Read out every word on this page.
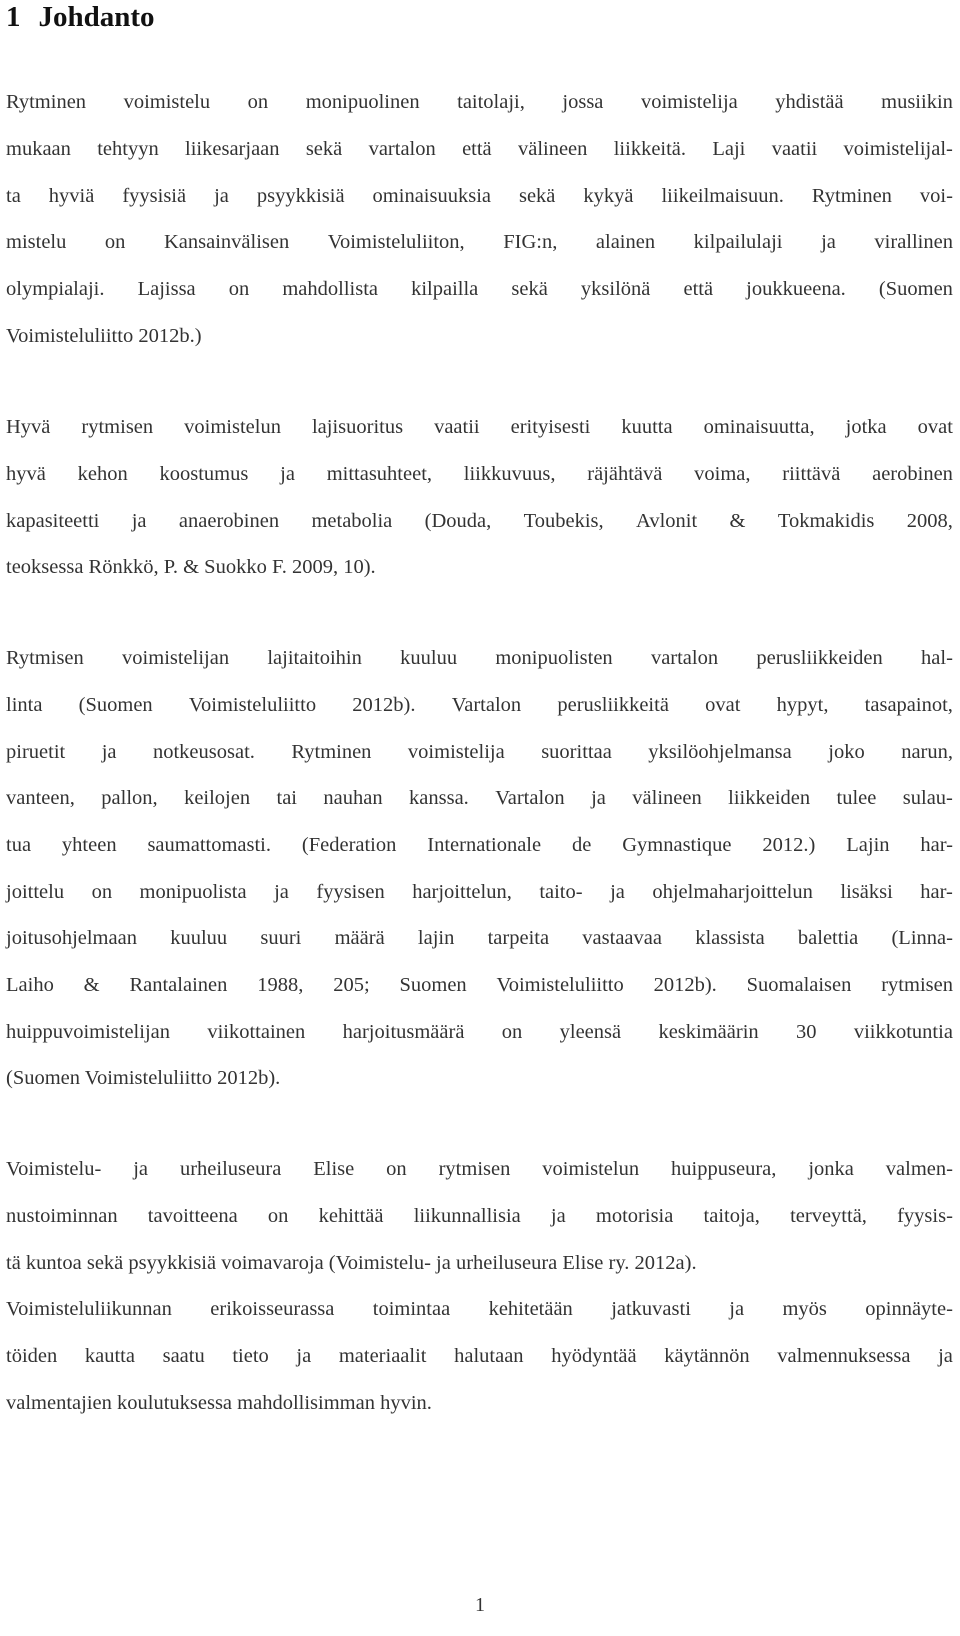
1 Johdanto
Rytminen voimistelu on monipuolinen taitolaji, jossa voimistelija yhdistää musiikin
mukaan tehtyyn liikesarjaan sekä vartalon että välineen liikkeitä. Laji vaatii voimistelijal-
ta hyviä fyysisiä ja psyykkisiä ominaisuuksia sekä kykyä liikeilmaisuun. Rytminen voi-
mistelu on Kansainvälisen Voimisteluliiton, FIG:n, alainen kilpailulaji ja virallinen
olympialaji. Lajissa on mahdollista kilpailla sekä yksilönä että joukkueena. (Suomen
Voimisteluliitto 2012b.)
Hyvä rytmisen voimistelun lajisuoritus vaatii erityisesti kuutta ominaisuutta, jotka ovat
hyvä kehon koostumus ja mittasuhteet, liikkuvuus, räjähtävä voima, riittävä aerobinen
kapasiteetti ja anaerobinen metabolia (Douda, Toubekis, Avlonit & Tokmakidis 2008,
teoksessa Rönkkö, P. & Suokko F. 2009, 10).
Rytmisen voimistelijan lajitaitoihin kuuluu monipuolisten vartalon perusliikkeiden hal-
linta (Suomen Voimisteluliitto 2012b). Vartalon perusliikkeitä ovat hypyt, tasapainot,
piruetit ja notkeusosat. Rytminen voimistelija suorittaa yksilöohjelmansa joko narun,
vanteen, pallon, keilojen tai nauhan kanssa. Vartalon ja välineen liikkeiden tulee sulau-
tua yhteen saumattomasti. (Federation Internationale de Gymnastique 2012.) Lajin har-
joittelu on monipuolista ja fyysisen harjoittelun, taito- ja ohjelmaharjoittelun lisäksi har-
joitusohjelmaan kuuluu suuri määrä lajin tarpeita vastaavaa klassista balettia (Linna-
Laiho & Rantalainen 1988, 205; Suomen Voimisteluliitto 2012b). Suomalaisen rytmisen
huippuvoimistelijan viikottainen harjoitusmäärä on yleensä keskimäärin 30 viikkotuntia
(Suomen Voimisteluliitto 2012b).
Voimistelu- ja urheiluseura Elise on rytmisen voimistelun huippuseura, jonka valmen-
nustoiminnan tavoitteena on kehittää liikunnallisia ja motorisia taitoja, terveyttä, fyysis-
tä kuntoa sekä psyykkisiä voimavaroja (Voimistelu- ja urheiluseura Elise ry. 2012a).
Voimisteluliikunnan erikoisseurassa toimintaa kehitetään jatkuvasti ja myös opinnäyte-
töiden kautta saatu tieto ja materiaalit halutaan hyödyntää käytännön valmennuksessa ja
valmentajien koulutuksessa mahdollisimman hyvin.
1
